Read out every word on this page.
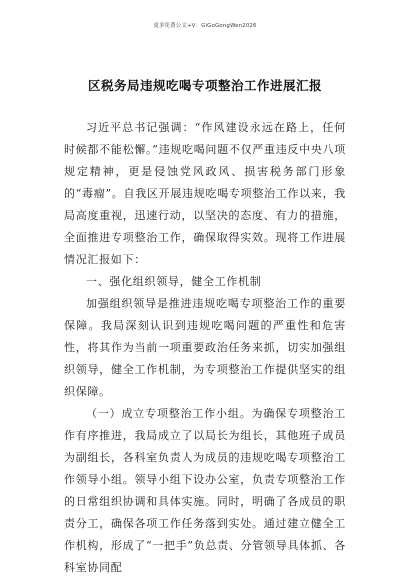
更多免费公文+V：GiGoGongWen2026
区税务局违规吃喝专项整治工作进展汇报

习近平总书记强调：“作风建设永远在路上，任何时候都不能松懈。”违规吃喝问题不仅严重违反中央八项规定精神，更是侵蚀党风政风、损害税务部门形象的“毒瘤”。自我区开展违规吃喝专项整治工作以来，我局高度重视，迅速行动，以坚决的态度、有力的措施，全面推进专项整治工作，确保取得实效。现将工作进展情况汇报如下：

一、强化组织领导，健全工作机制

加强组织领导是推进违规吃喝专项整治工作的重要保障。我局深刻认识到违规吃喝问题的严重性和危害性，将其作为当前一项重要政治任务来抓，切实加强组织领导，健全工作机制，为专项整治工作提供坚实的组织保障。

（一）成立专项整治工作小组。为确保专项整治工作有序推进，我局成立了以局长为组长，其他班子成员为副组长，各科室负责人为成员的违规吃喝专项整治工作领导小组。领导小组下设办公室，负责专项整治工作的日常组织协调和具体实施。同时，明确了各成员的职责分工，确保各项工作任务落到实处。通过建立健全工作机构，形成了“一把手”负总责、分管领导具体抓、各科室协同配
